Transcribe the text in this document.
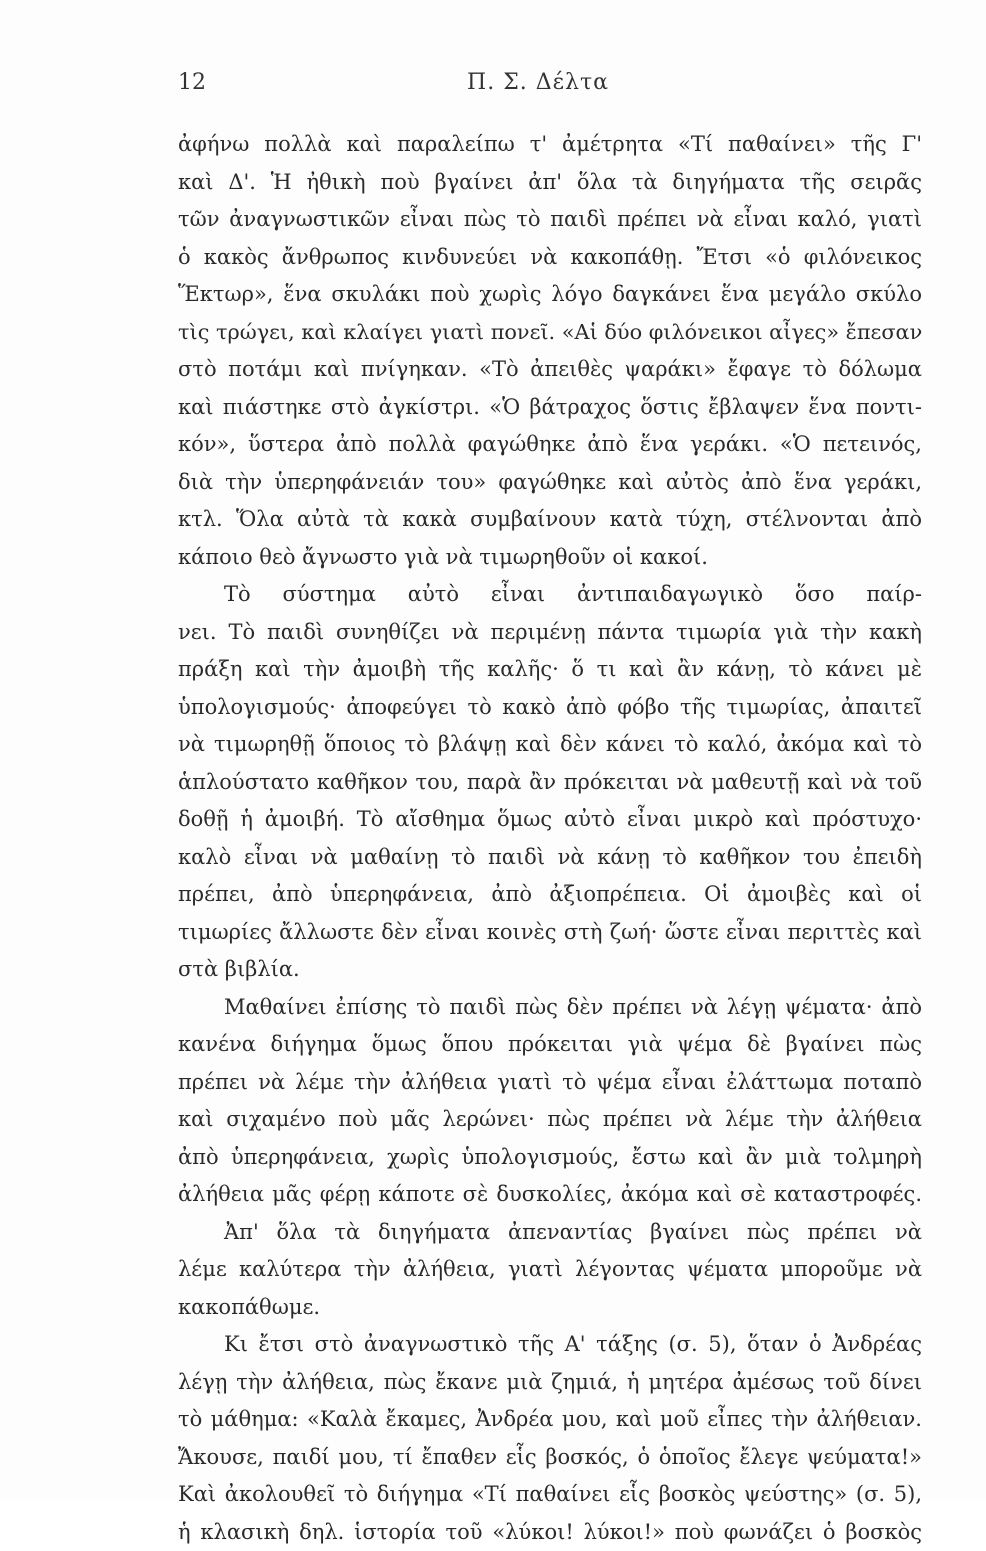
12	Π. Σ. Δέλτα
ἀφήνω πολλὰ καὶ παραλείπω τ' ἀμέτρητα «Τί παθαίνει» τῆς Γ'
καὶ Δ'. Ἡ ἠθικὴ ποὺ βγαίνει ἀπ' ὅλα τὰ διηγήματα τῆς σειρᾶς
τῶν ἀναγνωστικῶν εἶναι πὼς τὸ παιδὶ πρέπει νὰ εἶναι καλό, γιατὶ
ὁ κακὸς ἄνθρωπος κινδυνεύει νὰ κακοπάθῃ. Ἔτσι «ὁ φιλόνεικος
Ἕκτωρ», ἕνα σκυλάκι ποὺ χωρὶς λόγο δαγκάνει ἕνα μεγάλο σκύλο
τὶς τρώγει, καὶ κλαίγει γιατὶ πονεῖ. «Αἱ δύο φιλόνεικοι αἶγες» ἔπεσαν
στὸ ποτάμι καὶ πνίγηκαν. «Τὸ ἀπειθὲς ψαράκι» ἔφαγε τὸ δόλωμα
καὶ πιάστηκε στὸ ἀγκίστρι. «Ὁ βάτραχος ὅστις ἔβλαψεν ἕνα ποντι-
κόν», ὕστερα ἀπὸ πολλὰ φαγώθηκε ἀπὸ ἕνα γεράκι. «Ὁ πετεινός,
διὰ τὴν ὑπερηφάνειάν του» φαγώθηκε καὶ αὐτὸς ἀπὸ ἕνα γεράκι,
κτλ. Ὅλα αὐτὰ τὰ κακὰ συμβαίνουν κατὰ τύχη, στέλνονται ἀπὸ
κάποιο θεὸ ἄγνωστο γιὰ νὰ τιμωρηθοῦν οἱ κακοί.
Τὸ σύστημα αὐτὸ εἶναι ἀντιπαιδαγωγικὸ ὅσο παίρ-
νει. Τὸ παιδὶ συνηθίζει νὰ περιμένῃ πάντα τιμωρία γιὰ τὴν κακὴ
πράξη καὶ τὴν ἀμοιβὴ τῆς καλῆς· ὅ τι καὶ ἂν κάνῃ, τὸ κάνει μὲ
ὑπολογισμούς· ἀποφεύγει τὸ κακὸ ἀπὸ φόβο τῆς τιμωρίας, ἀπαιτεῖ
νὰ τιμωρηθῇ ὅποιος τὸ βλάψῃ καὶ δὲν κάνει τὸ καλό, ἀκόμα καὶ τὸ
ἁπλούστατο καθῆκον του, παρὰ ἂν πρόκειται νὰ μαθευτῇ καὶ νὰ τοῦ
δοθῇ ἡ ἀμοιβή. Τὸ αἴσθημα ὅμως αὐτὸ εἶναι μικρὸ καὶ πρόστυχο·
καλὸ εἶναι νὰ μαθαίνῃ τὸ παιδὶ νὰ κάνῃ τὸ καθῆκον του ἐπειδὴ
πρέπει, ἀπὸ ὑπερηφάνεια, ἀπὸ ἀξιοπρέπεια. Οἱ ἀμοιβὲς καὶ οἱ
τιμωρίες ἄλλωστε δὲν εἶναι κοινὲς στὴ ζωή· ὥστε εἶναι περιττὲς καὶ
στὰ βιβλία.
Μαθαίνει ἐπίσης τὸ παιδὶ πὼς δὲν πρέπει νὰ λέγῃ ψέματα· ἀπὸ
κανένα διήγημα ὅμως ὅπου πρόκειται γιὰ ψέμα δὲ βγαίνει πὼς
πρέπει νὰ λέμε τὴν ἀλήθεια γιατὶ τὸ ψέμα εἶναι ἐλάττωμα ποταπὸ
καὶ σιχαμένο ποὺ μᾶς λερώνει· πὼς πρέπει νὰ λέμε τὴν ἀλήθεια
ἀπὸ ὑπερηφάνεια, χωρὶς ὑπολογισμούς, ἔστω καὶ ἂν μιὰ τολμηρὴ
ἀλήθεια μᾶς φέρῃ κάποτε σὲ δυσκολίες, ἀκόμα καὶ σὲ καταστροφές.
Ἀπ' ὅλα τὰ διηγήματα ἀπεναντίας βγαίνει πὼς πρέπει νὰ
λέμε καλύτερα τὴν ἀλήθεια, γιατὶ λέγοντας ψέματα μποροῦμε νὰ
κακοπάθωμε.
Κι ἔτσι στὸ ἀναγνωστικὸ τῆς Α' τάξης (σ. 5), ὅταν ὁ Ἀνδρέας
λέγῃ τὴν ἀλήθεια, πὼς ἔκανε μιὰ ζημιά, ἡ μητέρα ἀμέσως τοῦ δίνει
τὸ μάθημα: «Καλὰ ἔκαμες, Ἀνδρέα μου, καὶ μοῦ εἶπες τὴν ἀλήθειαν.
Ἄκουσε, παιδί μου, τί ἔπαθεν εἷς βοσκός, ὁ ὁποῖος ἔλεγε ψεύματα!»
Καὶ ἀκολουθεῖ τὸ διήγημα «Τί παθαίνει εἷς βοσκὸς ψεύστης» (σ. 5),
ἡ κλασικὴ δηλ. ἱστορία τοῦ «λύκοι! λύκοι!» ποὺ φωνάζει ὁ βοσκὸς
